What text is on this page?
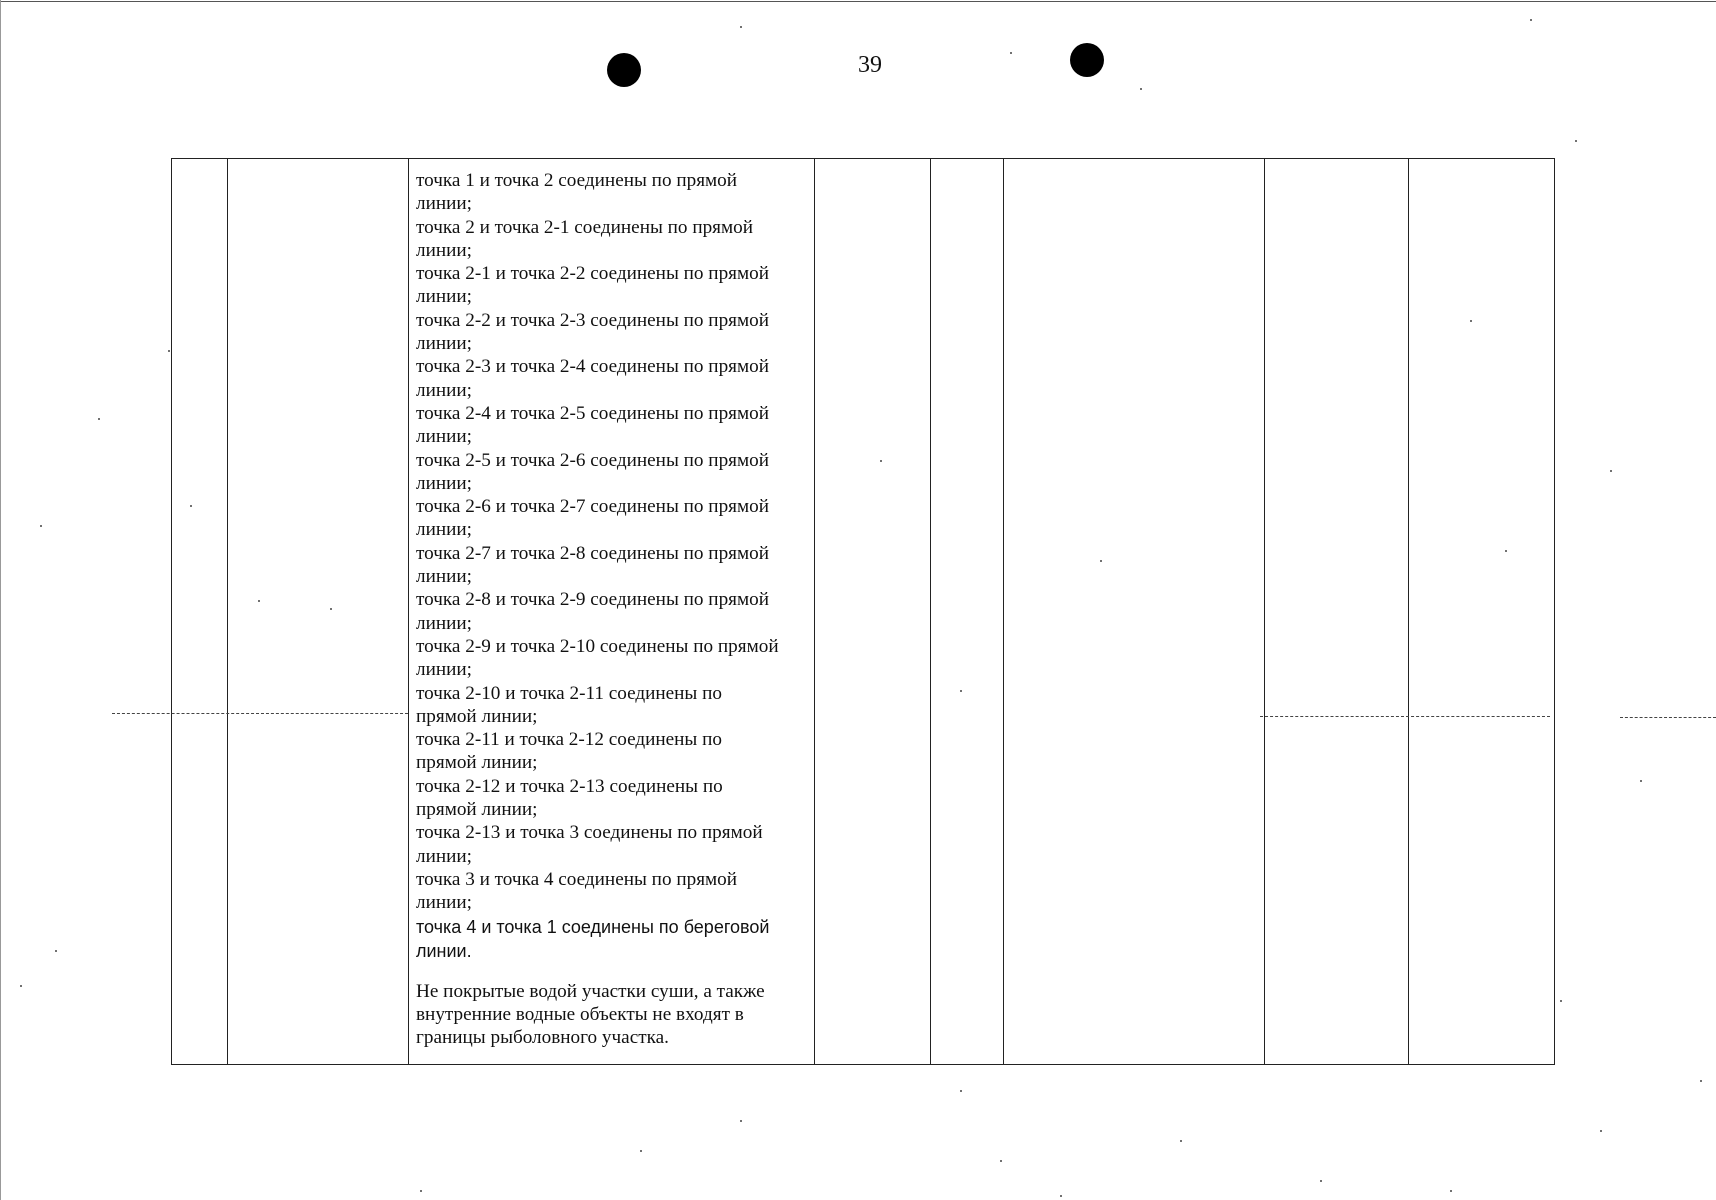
39

точка 1 и точка 2 соединены по прямой
линии;
точка 2 и точка 2-1 соединены по прямой
линии;
точка 2-1 и точка 2-2 соединены по прямой
линии;
точка 2-2 и точка 2-3 соединены по прямой
линии;
точка 2-3 и точка 2-4 соединены по прямой
линии;
точка 2-4 и точка 2-5 соединены по прямой
линии;
точка 2-5 и точка 2-6 соединены по прямой
линии;
точка 2-6 и точка 2-7 соединены по прямой
линии;
точка 2-7 и точка 2-8 соединены по прямой
линии;
точка 2-8 и точка 2-9 соединены по прямой
линии;
точка 2-9 и точка 2-10 соединены по прямой
линии;
точка 2-10 и точка 2-11 соединены по
прямой линии;
точка 2-11 и точка 2-12 соединены по
прямой линии;
точка 2-12 и точка 2-13 соединены по
прямой линии;
точка 2-13 и точка 3 соединены по прямой
линии;
точка 3 и точка 4 соединены по прямой
линии;
точка 4 и точка 1 соединены по береговой
линии.
Не покрытые водой участки суши, а также
внутренние водные объекты не входят в
границы рыболовного участка.
